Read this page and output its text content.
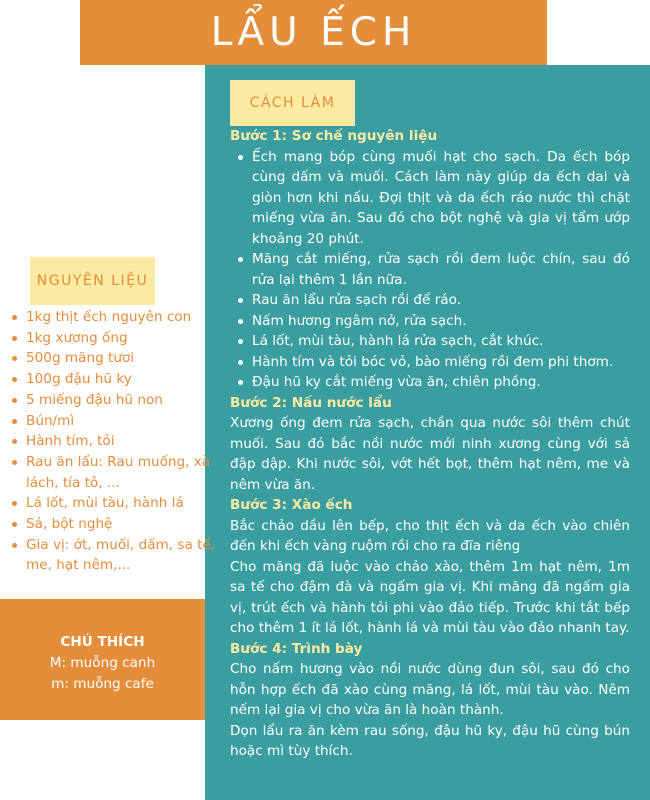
LẨU ẾCH
CÁCH LÀM
NGUYÊN LIỆU
1kg thịt ếch nguyên con
1kg xương ống
500g măng tươi
100g đậu hũ ky
5 miếng đậu hũ non
Bún/mì
Hành tím, tỏi
Rau ăn lẩu: Rau muống, xà lách, tía tô, ...
Lá lốt, mùi tàu, hành lá
Sả, bột nghệ
Gia vị: ớt, muối, dấm, sa tế, me, hạt nêm,...
CHÚ THÍCH
M: muỗng canh
m: muỗng cafe
Bước 1: Sơ chế nguyên liệu
Ếch mang bóp cùng muối hạt cho sạch. Da ếch bóp cùng dấm và muối. Cách làm này giúp da ếch dai và giòn hơn khi nấu. Đợi thịt và da ếch ráo nước thì chặt miếng vừa ăn. Sau đó cho bột nghệ và gia vị tẩm ướp khoảng 20 phút.
Măng cắt miếng, rửa sạch rồi đem luộc chín, sau đó rửa lại thêm 1 lần nữa.
Rau ăn lẩu rửa sạch rồi để ráo.
Nấm hương ngâm nở, rửa sạch.
Lá lốt, mùi tàu, hành lá rửa sạch, cắt khúc.
Hành tím và tỏi bóc vỏ, bào miếng rồi đem phi thơm.
Đậu hũ ky cắt miếng vừa ăn, chiên phồng.
Bước 2: Nấu nước lẩu

Xương ống đem rửa sạch, chần qua nước sôi thêm chút muối. Sau đó bắc nồi nước mới ninh xương cùng với sả đập dập. Khi nước sôi, vớt hết bọt, thêm hạt nêm, me và nêm vừa ăn.

Bước 3: Xào ếch

Bắc chảo dầu lên bếp, cho thịt ếch và da ếch vào chiên đến khi ếch vàng ruộm rồi cho ra đĩa riêng

Cho măng đã luộc vào chảo xào, thêm 1m hạt nêm, 1m sa tế cho đậm đà và ngấm gia vị. Khi măng đã ngấm gia vị, trút ếch và hành tỏi phi vào đảo tiếp. Trước khi tắt bếp cho thêm 1 ít lá lốt, hành lá và mùi tàu vào đảo nhanh tay.

Bước 4: Trình bày

Cho nấm hương vào nồi nước dùng đun sôi, sau đó cho hỗn hợp ếch đã xào cùng măng, lá lốt, mùi tàu vào. Nêm nếm lại gia vị cho vừa ăn là hoàn thành.

Dọn lẩu ra ăn kèm rau sống, đậu hũ ky, đậu hũ cùng bún hoặc mì tùy thích.
